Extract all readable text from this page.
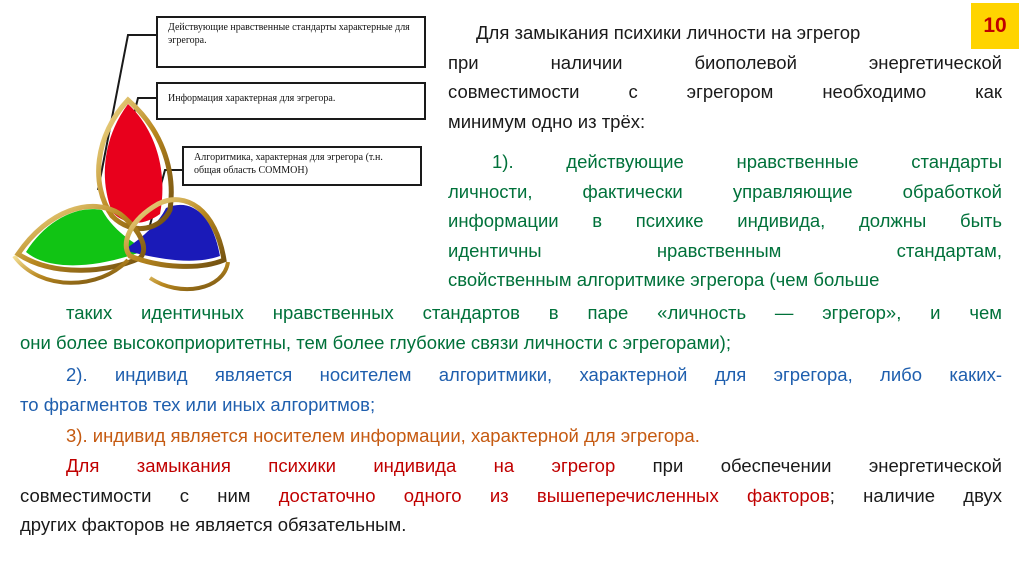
Действующие нравственные стандарты характерные для эгрегора.
Информация характерная для эгрегора.
Алгоритмика, характерная для эгрегора (т.н. общая область СОММОН)
10
Для замыкания психики личности на эгрегор
при наличии биополевой энергетической
совместимости с эгрегором необходимо как
минимум одно из трёх:
1). действующие нравственные стандарты
личности, фактически управляющие обработкой
информации в психике индивида, должны быть
идентичны нравственным стандартам,
свойственным алгоритмике эгрегора (чем больше
таких идентичных нравственных стандартов в паре «личность — эгрегор», и чем
они более высокоприоритетны, тем более глубокие связи личности с эгрегорами);
2). индивид является носителем алгоритмики, характерной для эгрегора, либо каких-
то фрагментов тех или иных алгоритмов;
3). индивид является носителем информации, характерной для эгрегора.
Для замыкания психики индивида на эгрегор при обеспечении энергетической
совместимости с ним достаточно одного из вышеперечисленных факторов; наличие двух
других факторов не является обязательным.
